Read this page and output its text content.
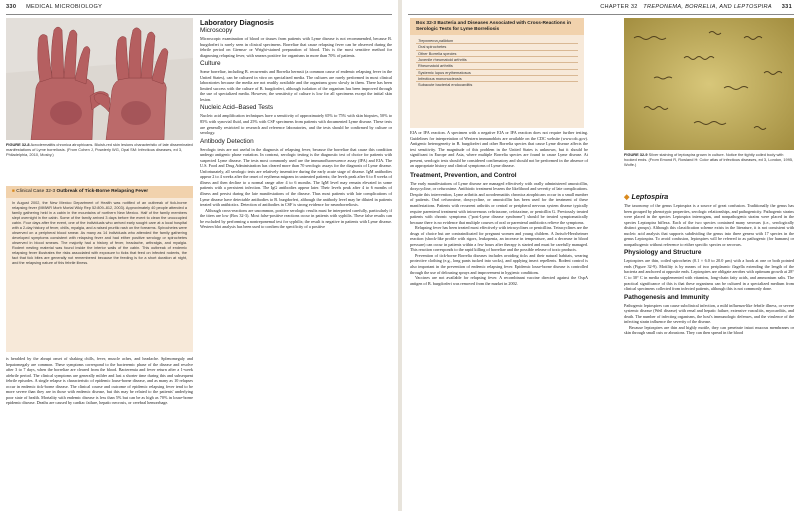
330 MEDICAL MICROBIOLOGY
FIGURE 32-8 Acrodermatitis chronica atrophicans. Bluish-red skin lesions characteristic of late disseminated manifestations of Lyme borreliosis. (From Cohen J, Powderly WG, Opal SM: Infectious diseases, ed 3, Philadelphia, 2010, Mosby.)
■ Clinical Case 32-3 Outbreak of Tick-Borne Relapsing Fever
In August 2002, the New Mexico Department of Health was notified of an outbreak of tick-borne relapsing fever (MMWR Morb Mortal Wkly Rep 52:809–812, 2003). Approximately 40 people attended a family gathering held in a cabin in the mountains of northern New Mexico. Half of the family members slept overnight in the cabin. Some of the family arrived 3 days before the event to clean the unoccupied cabin. Four days after the event, one of the individuals who arrived early sought care at a local hospital with a 2-day history of fever, chills, myalgia, and a raised pruritic rash on the forearms. Spirochetes were observed on a peripheral blood smear. As many as 14 individuals who attended the family gathering developed symptoms consistent with relapsing fever and had either positive serology or spirochetes observed in blood smears. The majority had a history of fever, headache, arthralgia, and myalgia. Rodent nesting material was found inside the interior walls of the cabin. This outbreak of endemic relapsing fever illustrates the risks associated with exposure to ticks that feed on infected rodents, the fact that tick bites are generally not remembered because the feeding is for a short duration at night, and the relapsing nature of this febrile illness.

is heralded by the abrupt onset of shaking chills, fever, muscle aches, and headache. Splenomegaly and hepatomegaly are common. These symptoms correspond to the bacteremic phase of the disease and resolve after 3 to 7 days, when the borreliae are cleared from the blood. Bacteremia and fever return after a 1-week afebrile period. The clinical symptoms are generally milder and last a shorter time during this and subsequent febrile episodes. A single relapse is characteristic of epidemic louse-borne disease, and as many as 10 relapses occur in endemic tick-borne disease. The clinical course and outcome of epidemic relapsing fever tend to be more severe than they are in those with endemic disease, but this may be related to the patients' underlying poor state of health. Mortality with endemic disease is less than 5% but can be as high as 70% in louse-borne epidemic disease. Deaths are caused by cardiac failure, hepatic necrosis, or cerebral hemorrhage.

Laboratory Diagnosis
Microscopy

Microscopic examination of blood or tissues from patients with Lyme disease is not recommended, because B. burgdorferi is rarely seen in clinical specimens. Borreliae that cause relapsing fever can be observed during the febrile period on Giemsa- or Wright-stained preparation of blood. This is the most sensitive method for diagnosing relapsing fever, with smears positive for organisms in more than 70% of patients.

Culture

Some borreliae, including B. recurrentis and Borrelia hermsii (a common cause of endemic relapsing fever in the United States), can be cultured in vitro on specialized media. The cultures are rarely performed in most clinical laboratories because the media are not readily available and the organisms grow slowly in them. There has been limited success with the culture of B. burgdorferi, although isolation of the organism has been improved through the use of specialized media. However, the sensitivity of culture is low for all specimens except the initial skin lesion.

Nucleic Acid–Based Tests

Nucleic acid amplification techniques have a sensitivity of approximately 65% to 75% with skin biopsies, 50% to 85% with synovial fluid, and 25% with CSF specimens from patients with documented Lyme disease. These tests are generally restricted to research and reference laboratories, and the tests should be confirmed by culture or serology.

Antibody Detection

Serologic tests are not useful in the diagnosis of relapsing fever, because the borreliae that cause this condition undergo antigenic phase variation. In contrast, serologic testing is the diagnostic test of choice for patients with suspected Lyme disease. The tests most commonly used are the immunofluorescence assay (IFA) and EIA. The U.S. Food and Drug Administration has cleared more than 70 serologic assays for the diagnosis of Lyme disease. Unfortunately, all serologic tests are relatively insensitive during the early acute stage of disease. IgM antibodies appear 2 to 4 weeks after the onset of erythema migrans in untreated patients; the levels peak after 6 to 8 weeks of illness and then decline to a normal range after 4 to 6 months. The IgM level may remain elevated in some patients with a persistent infection. The IgG antibodies appear later. Their levels peak after 4 to 6 months of illness and persist during the late manifestations of the disease. Thus most patients with late complications of Lyme disease have detectable antibodies to B. burgdorferi, although the antibody level may be diluted in patients treated with antibiotics. Detection of antibodies in CSF is strong evidence for neuroborreliosis.

Although cross-reactions are uncommon, positive serologic results must be interpreted carefully, particularly if the titers are low (Box 32-3). Most false-positive reactions occur in patients with syphilis. These false results can be excluded by performing a nontreponemal test for syphilis; the result is negative in patients with Lyme disease. Western blot analysis has been used to confirm the specificity of a positive

CHAPTER 32 TREPONEMA, BORRELIA, AND LEPTOSPIRA 331
Box 32-3 Bacteria and Diseases Associated with Cross-Reactions in Serologic Tests for Lyme Borreliosis
Treponema pallidum
Oral spirochetes
Other Borrelia species
Juvenile rheumatoid arthritis
Rheumatoid arthritis
Systemic lupus erythematosus
Infectious mononucleosis
Subacute bacterial endocarditis

EIA or IFA reaction. A specimen with a negative EIA or IFA reaction does not require further testing. Guidelines for interpretation of Western immunoblots are available on the CDC website (www.cdc.gov). Antigenic heterogeneity in B. burgdorferi and other Borrelia species that cause Lyme disease affects the test sensitivity. The magnitude of this problem in the United States is unknown, but it should be significant in Europe and Asia, where multiple Borrelia species are found to cause Lyme disease. At present, serologic tests should be considered confirmatory and should not be performed in the absence of an appropriate history and clinical symptoms of Lyme disease.

Treatment, Prevention, and Control

The early manifestations of Lyme disease are managed effectively with orally administered amoxicillin, doxycycline, or cefuroxime. Antibiotic treatment lessens the likelihood and severity of late complications. Despite this intervention, Lyme arthritis and acrodermatitis chronica atrophicans occur in a small number of patients. Oral cefuroxime, doxycycline, or amoxicillin has been used for the treatment of these manifestations. Patients with recurrent arthritis or central or peripheral nervous system disease typically require parenteral treatment with intravenous ceftriaxone, cefotaxime, or penicillin G. Previously treated patients with chronic symptoms ("post-Lyme disease syndrome") should be treated symptomatically because there is no evidence that multiple courses of oral or parenteral antibiotics relieve the symptoms.

Relapsing fever has been treated most effectively with tetracyclines or penicillins. Tetracyclines are the drugs of choice but are contraindicated for pregnant women and young children. A Jarisch-Herxheimer reaction (shock-like profile with rigors, leukopenia, an increase in temperature, and a decrease in blood pressure) can occur in patients within a few hours after therapy is started and must be carefully managed. This reaction corresponds to the rapid killing of borreliae and the possible release of toxic products.

Prevention of tick-borne Borrelia diseases includes avoiding ticks and their natural habitats, wearing protective clothing (e.g., long pants tucked into socks), and applying insect repellents. Rodent control is also important in the prevention of endemic relapsing fever. Epidemic louse-borne disease is controlled through the use of delousing sprays and improvement in hygienic conditions.

Vaccines are not available for relapsing fever. A recombinant vaccine directed against the OspA antigen of B. burgdorferi was removed from the market in 2002.

FIGURE 32-9 Silver staining of leptospira grown in culture. Notice the tightly coiled body with hooked ends. (From Emond R, Rowland H: Color atlas of infectious diseases, ed 3, London, 1995, Wolfe.)
◆ Leptospira

The taxonomy of the genus Leptospira is a source of great confusion. Traditionally the genus has been grouped by phenotypic properties, serologic relationships, and pathogenicity. Pathogenic strains were placed in the species Leptospira interrogans, and nonpathogenic strains were placed in the species Leptospira biflexa. Each of the two species contained many serovars (i.e., serologically distinct groups). Although this classification scheme exists in the literature, it is not consistent with nucleic acid analysis that supports subdividing the genus into three genera with 17 species in the genus Leptospira. To avoid confusion, leptospires will be referred to as pathogenic (for humans) or nonpathogenic without reference to either specific species or serovars.

Physiology and Structure

Leptospires are thin, coiled spirochetes (0.1 × 6.0 to 20.0 µm) with a hook at one or both pointed ends (Figure 32-9). Motility is by means of two periplasmic flagella extending the length of the bacteria and anchored at opposite ends. Leptospires are obligate aerobes with optimum growth at 28° C to 30° C in media supplemented with vitamins, long-chain fatty acids, and ammonium salts. The practical significance of this is that these organisms can be cultured in a specialized medium from clinical specimens collected from infected patients, although this is not commonly done.

Pathogenesis and Immunity

Pathogenic leptospires can cause subclinical infection, a mild influenza-like febrile illness, or severe systemic disease (Weil disease) with renal and hepatic failure, extensive vasculitis, myocarditis, and death. The number of infecting organisms, the host's immunologic defenses, and the virulence of the infecting strain influence the severity of the disease.

Because leptospires are thin and highly motile, they can penetrate intact mucous membranes or skin through small cuts or abrasions. They can then spread in the blood
